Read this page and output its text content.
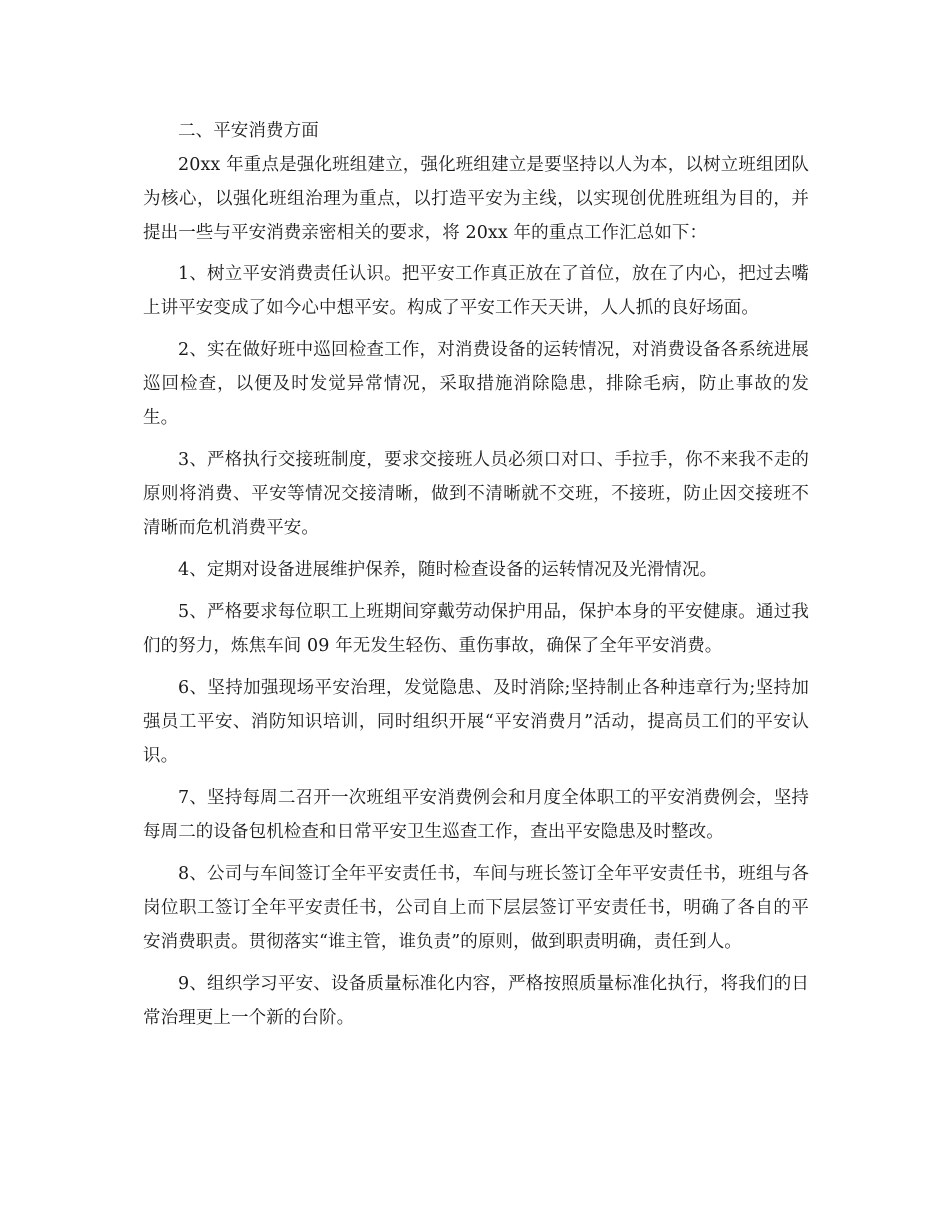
二、平安消费方面

20xx 年重点是强化班组建立，强化班组建立是要坚持以人为本，以树立班组团队为核心，以强化班组治理为重点，以打造平安为主线，以实现创优胜班组为目的，并提出一些与平安消费亲密相关的要求，将 20xx 年的重点工作汇总如下：

1、树立平安消费责任认识。把平安工作真正放在了首位，放在了内心，把过去嘴上讲平安变成了如今心中想平安。构成了平安工作天天讲，人人抓的良好场面。

2、实在做好班中巡回检查工作，对消费设备的运转情况，对消费设备各系统进展巡回检查，以便及时发觉异常情况，采取措施消除隐患，排除毛病，防止事故的发生。

3、严格执行交接班制度，要求交接班人员必须口对口、手拉手，你不来我不走的原则将消费、平安等情况交接清晰，做到不清晰就不交班，不接班，防止因交接班不清晰而危机消费平安。

4、定期对设备进展维护保养，随时检查设备的运转情况及光滑情况。

5、严格要求每位职工上班期间穿戴劳动保护用品，保护本身的平安健康。通过我们的努力，炼焦车间 09 年无发生轻伤、重伤事故，确保了全年平安消费。

6、坚持加强现场平安治理，发觉隐患、及时消除;坚持制止各种违章行为;坚持加强员工平安、消防知识培训，同时组织开展“平安消费月”活动，提高员工们的平安认识。

7、坚持每周二召开一次班组平安消费例会和月度全体职工的平安消费例会，坚持每周二的设备包机检查和日常平安卫生巡查工作，查出平安隐患及时整改。

8、公司与车间签订全年平安责任书，车间与班长签订全年平安责任书，班组与各岗位职工签订全年平安责任书，公司自上而下层层签订平安责任书，明确了各自的平安消费职责。贯彻落实“谁主管，谁负责”的原则，做到职责明确，责任到人。

9、组织学习平安、设备质量标准化内容，严格按照质量标准化执行，将我们的日常治理更上一个新的台阶。
